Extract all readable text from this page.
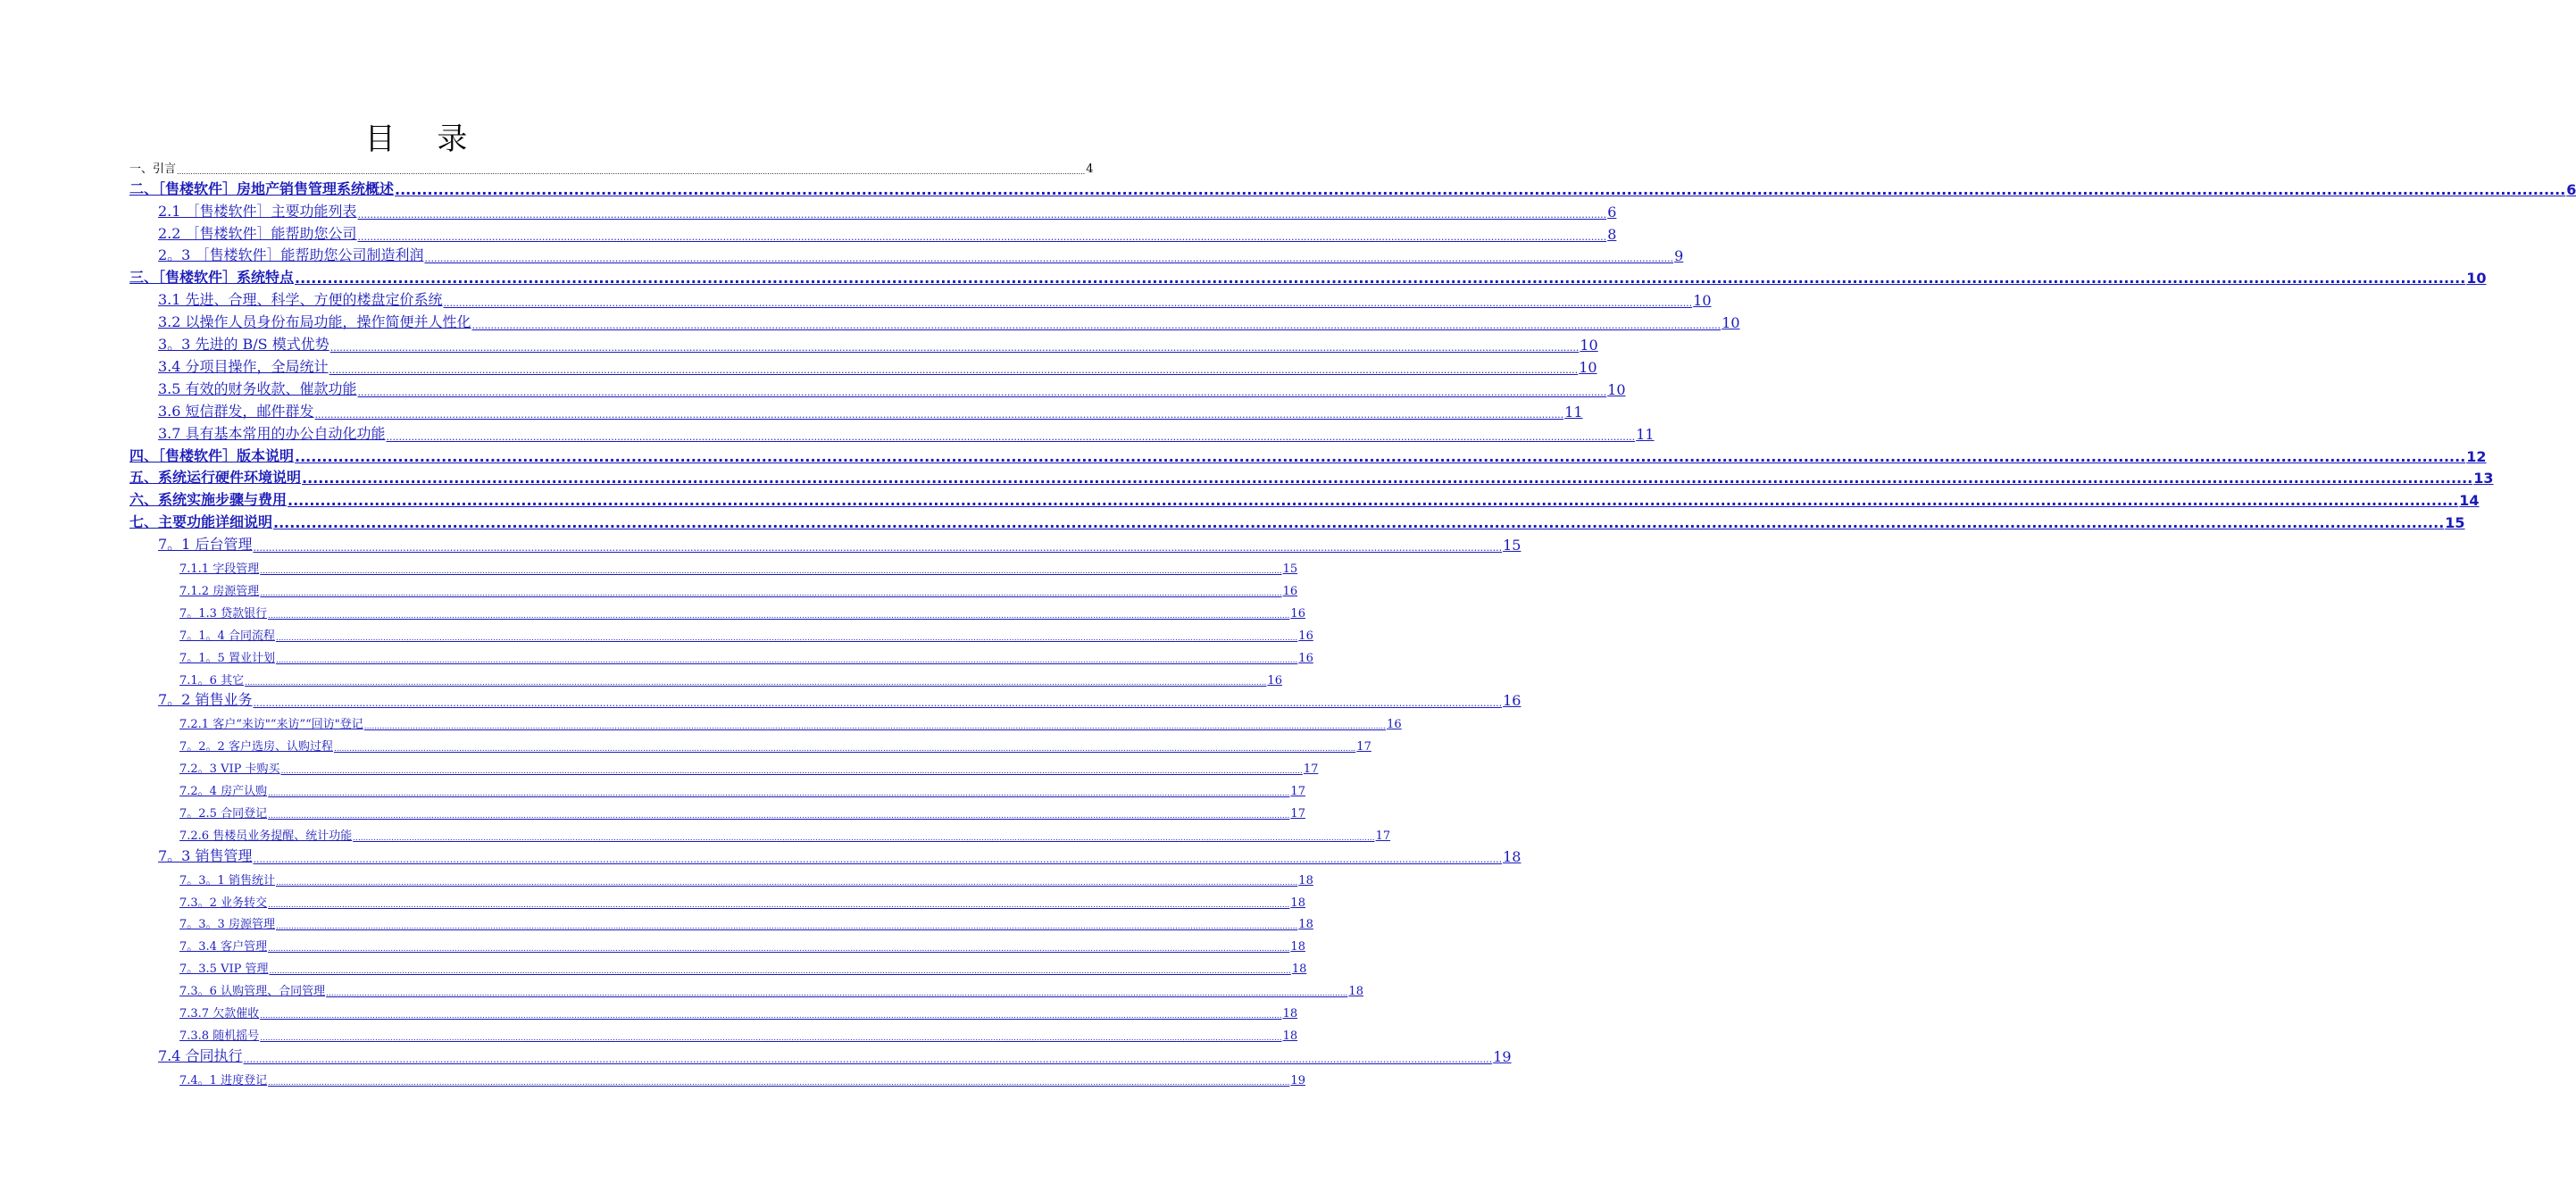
目 录
一、引言 ................................................................................................................................................................................................................................................................................................................................................................................................................ 4
二、［售楼软件］房地产销售管理系统概述 ................................................................................................................................................................................................................................................................................................................................................................................................................ 6
2.1 ［售楼软件］主要功能列表 ................................................................................................................................................................................................................................................................................................................................................................................................................ 6
2.2 ［售楼软件］能帮助您公司 ................................................................................................................................................................................................................................................................................................................................................................................................................ 8
2。3 ［售楼软件］能帮助您公司制造利润 ................................................................................................................................................................................................................................................................................................................................................................................................................ 9
三、［售楼软件］系统特点 ................................................................................................................................................................................................................................................................................................................................................................................................................ 10
3.1 先进、合理、科学、方便的楼盘定价系统 ................................................................................................................................................................................................................................................................................................................................................................................................................ 10
3.2 以操作人员身份布局功能，操作简便并人性化 ................................................................................................................................................................................................................................................................................................................................................................................................................ 10
3。3 先进的 B/S 模式优势 ................................................................................................................................................................................................................................................................................................................................................................................................................ 10
3.4 分项目操作，全局统计 ................................................................................................................................................................................................................................................................................................................................................................................................................ 10
3.5 有效的财务收款、催款功能 ................................................................................................................................................................................................................................................................................................................................................................................................................ 10
3.6 短信群发，邮件群发 ................................................................................................................................................................................................................................................................................................................................................................................................................ 11
3.7 具有基本常用的办公自动化功能 ................................................................................................................................................................................................................................................................................................................................................................................................................ 11
四、［售楼软件］版本说明 ................................................................................................................................................................................................................................................................................................................................................................................................................ 12
五、系统运行硬件环境说明 ................................................................................................................................................................................................................................................................................................................................................................................................................ 13
六、系统实施步骤与费用 ................................................................................................................................................................................................................................................................................................................................................................................................................ 14
七、主要功能详细说明 ................................................................................................................................................................................................................................................................................................................................................................................................................ 15
7。1 后台管理 ................................................................................................................................................................................................................................................................................................................................................................................................................ 15
7.1.1 字段管理 ................................................................................................................................................................................................................................................................................................................................................................................................................ 15
7.1.2 房源管理 ................................................................................................................................................................................................................................................................................................................................................................................................................ 16
7。1.3 贷款银行 ................................................................................................................................................................................................................................................................................................................................................................................................................ 16
7。1。4 合同流程 ................................................................................................................................................................................................................................................................................................................................................................................................................ 16
7。1。5 置业计划 ................................................................................................................................................................................................................................................................................................................................................................................................................ 16
7.1。6 其它 ................................................................................................................................................................................................................................................................................................................................................................................................................ 16
7。2 销售业务 ................................................................................................................................................................................................................................................................................................................................................................................................................ 16
7.2.1 客户“来访"“来访”“回访"登记 ................................................................................................................................................................................................................................................................................................................................................................................................................ 16
7。2。2 客户选房、认购过程 ................................................................................................................................................................................................................................................................................................................................................................................................................ 17
7.2。3 VIP 卡购买 ................................................................................................................................................................................................................................................................................................................................................................................................................ 17
7.2。4 房产认购 ................................................................................................................................................................................................................................................................................................................................................................................................................ 17
7。2.5 合同登记 ................................................................................................................................................................................................................................................................................................................................................................................................................ 17
7.2.6 售楼员业务提醒、统计功能 ................................................................................................................................................................................................................................................................................................................................................................................................................ 17
7。3 销售管理 ................................................................................................................................................................................................................................................................................................................................................................................................................ 18
7。3。1 销售统计 ................................................................................................................................................................................................................................................................................................................................................................................................................ 18
7.3。2 业务转交 ................................................................................................................................................................................................................................................................................................................................................................................................................ 18
7。3。3 房源管理 ................................................................................................................................................................................................................................................................................................................................................................................................................ 18
7。3.4 客户管理 ................................................................................................................................................................................................................................................................................................................................................................................................................ 18
7。3.5 VIP 管理 ................................................................................................................................................................................................................................................................................................................................................................................................................ 18
7.3。6 认购管理、合同管理 ................................................................................................................................................................................................................................................................................................................................................................................................................ 18
7.3.7 欠款催收 ................................................................................................................................................................................................................................................................................................................................................................................................................ 18
7.3.8 随机摇号 ................................................................................................................................................................................................................................................................................................................................................................................................................ 18
7.4 合同执行 ................................................................................................................................................................................................................................................................................................................................................................................................................ 19
7.4。1 进度登记 ................................................................................................................................................................................................................................................................................................................................................................................................................ 19
